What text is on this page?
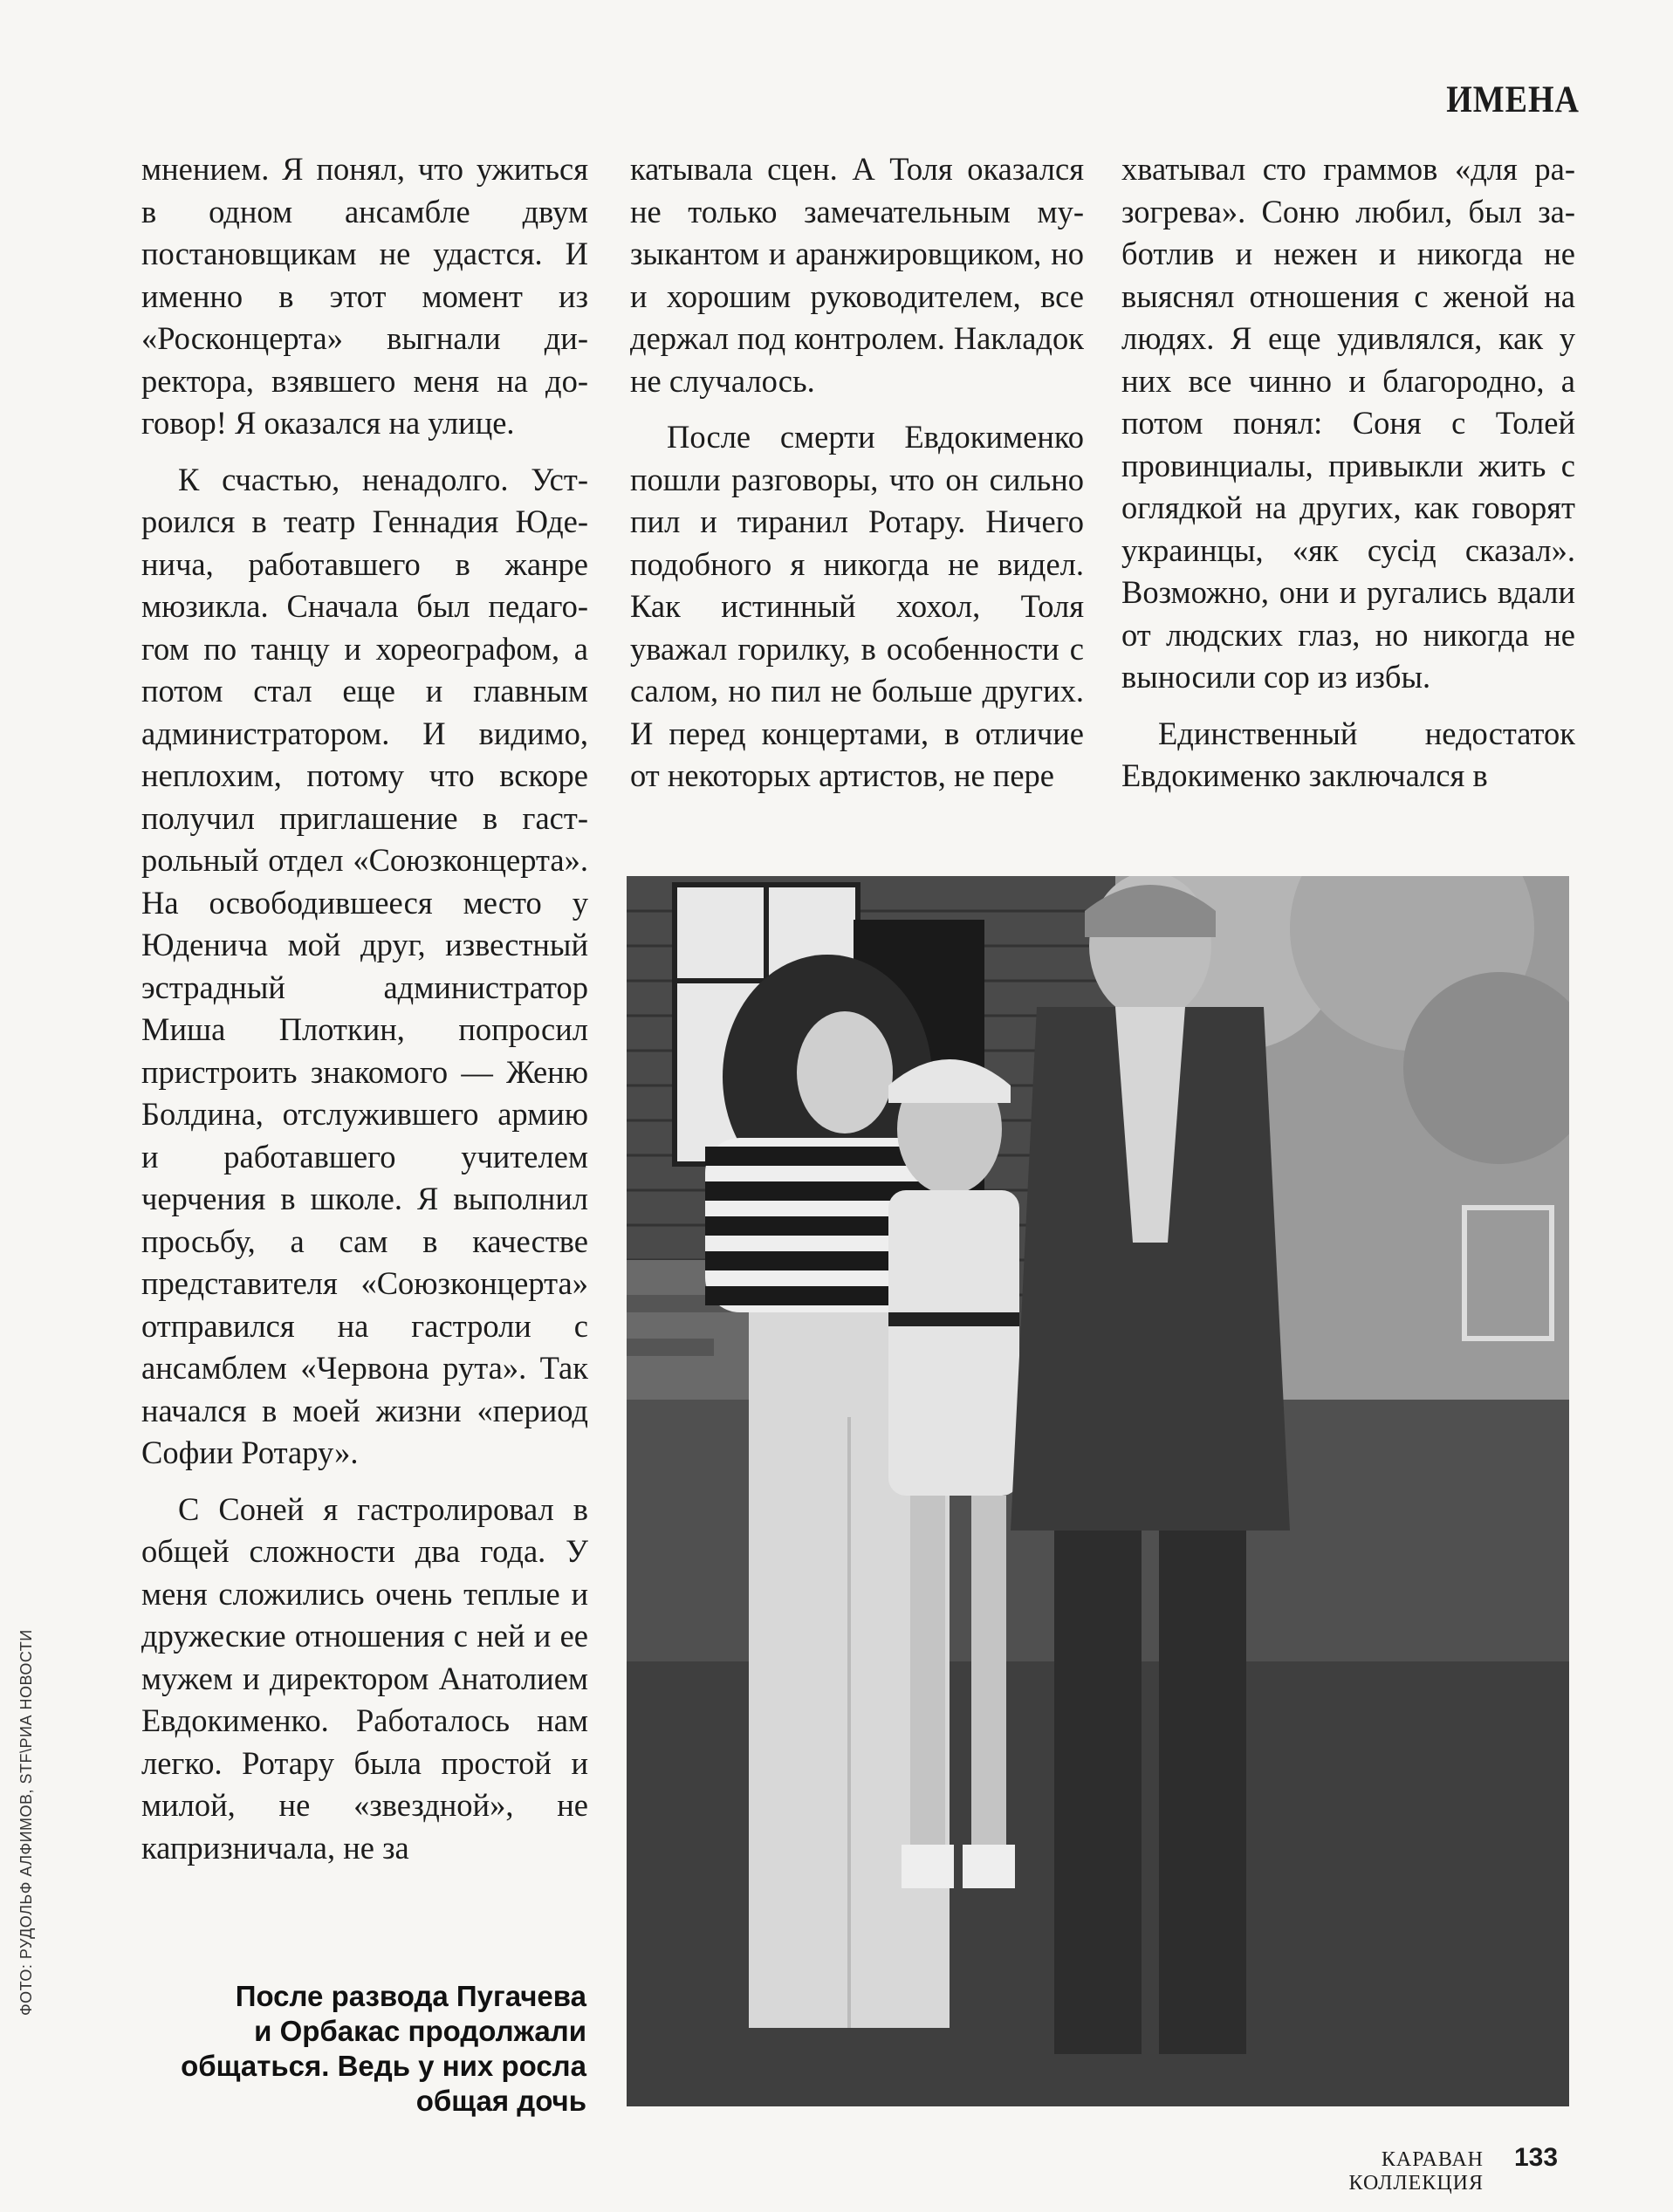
ИМЕНА

мнением. Я понял, что ужиться в одном ансамбле двум постановщикам не удастся. И именно в этот момент из «Росконцерта» выгнали директора, взявшего меня на договор! Я оказался на улице.

К счастью, ненадолго. Устроился в театр Геннадия Юденича, работавшего в жанре мюзикла. Сначала был педагогом по танцу и хореографом, а потом стал еще и главным администратором. И видимо, неплохим, потому что вскоре получил приглашение в гастрольный отдел «Союзконцерта». На освободившееся место у Юденича мой друг, известный эстрадный администратор Миша Плоткин, попросил пристроить знакомого — Женю Болдина, отслужившего армию и работавшего учителем черчения в школе. Я выполнил просьбу, а сам в качестве представителя «Союзконцерта» отправился на гастроли с ансамблем «Червона рута». Так начался в моей жизни «период Софии Ротару».

С Соней я гастролировал в общей сложности два года. У меня сложились очень теплые и дружеские отношения с ней и ее мужем и директором Анатолием Евдокименко. Работалось нам легко. Ротару была простой и милой, не «звездной», не капризничала, не за

катывала сцен. А Толя оказался не только замечательным музыкантом и аранжировщиком, но и хорошим руководителем, все держал под контролем. Накладок не случалось.

После смерти Евдокименко пошли разговоры, что он сильно пил и тиранил Ротару. Ничего подобного я никогда не видел. Как истинный хохол, Толя уважал горилку, в особенности с салом, но пил не больше других. И перед концертами, в отличие от некоторых артистов, не пере

хватывал сто граммов «для разогрева». Соню любил, был заботлив и нежен и никогда не выяснял отношения с женой на людях. Я еще удивлялся, как у них все чинно и благородно, а потом понял: Соня с Толей провинциалы, привыкли жить с оглядкой на других, как говорят украинцы, «як сусід сказал». Возможно, они и ругались вдали от людских глаз, но никогда не выносили сор из избы.

Единственный недостаток Евдокименко заключался в

После развода Пугачева
и Орбакас продолжали
общаться. Ведь у них росла
общая дочь
ФОТО: РУДОЛЬФ АЛФИМОВ, STF\РИА НОВОСТИ
КАРАВАН КОЛЛЕКЦИЯ
133
